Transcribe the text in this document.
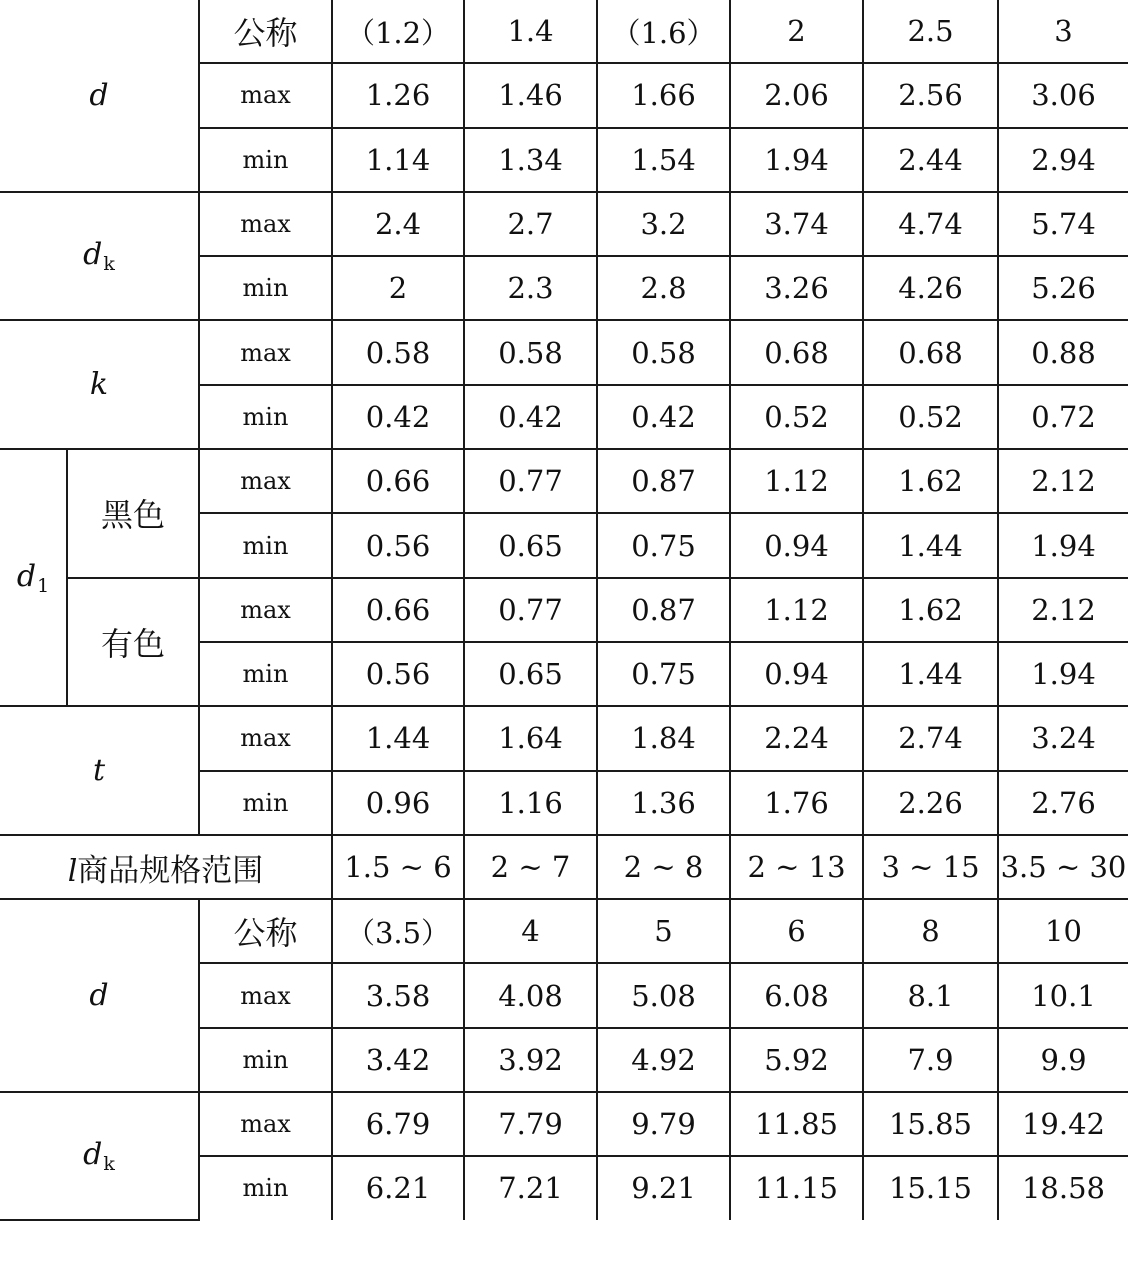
d		公称	（1.2）	1.4	（1.6）	2	2.5	3
		max	1.26	1.46	1.66	2.06	2.56	3.06
		min	1.14	1.34	1.54	1.94	2.44	2.94
$d_k$		max	2.4	2.7	3.2	3.74	4.74	5.74
		min	2	2.3	2.8	3.26	4.26	5.26
k		max	0.58	0.58	0.58	0.68	0.68	0.88
		min	0.42	0.42	0.42	0.52	0.52	0.72
$d_1$	黑色	max	0.66	0.77	0.87	1.12	1.62	2.12
		min	0.56	0.65	0.75	0.94	1.44	1.94
	有色	max	0.66	0.77	0.87	1.12	1.62	2.12
		min	0.56	0.65	0.75	0.94	1.44	1.94
t		max	1.44	1.64	1.84	2.24	2.74	3.24
		min	0.96	1.16	1.36	1.76	2.26	2.76
l商品规格范围			1.5 ~ 6	2 ~ 7	2 ~ 8	2 ~ 13	3 ~ 15	3.5 ~ 30
d		公称	（3.5）	4	5	6	8	10
		max	3.58	4.08	5.08	6.08	8.1	10.1
		min	3.42	3.92	4.92	5.92	7.9	9.9
$d_k$		max	6.79	7.79	9.79	11.85	15.85	19.42
		min	6.21	7.21	9.21	11.15	15.15	18.58
